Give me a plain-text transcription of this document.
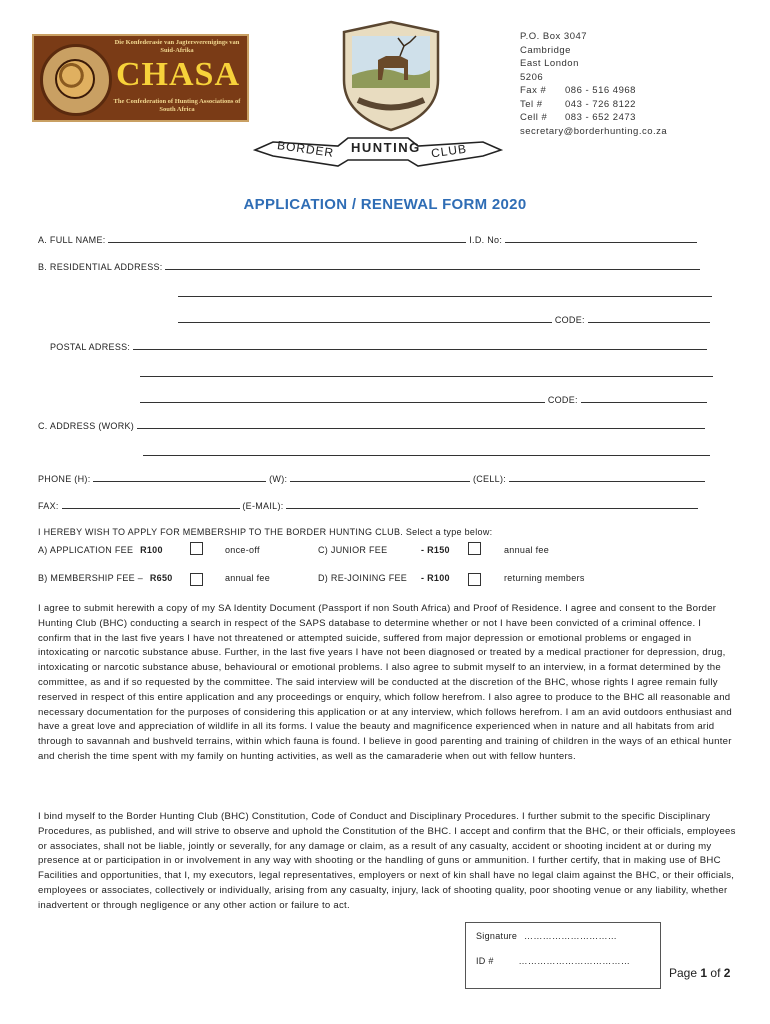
Die Konfederasie van Jagtersverenigings van Suid-Afrika
CHASA
The Confederation of Hunting Associations of South Africa
BORDER HUNTING CLUB
P.O. Box 3047
Cambridge
East London
5206
Fax # 086 - 516 4968
Tel # 043 - 726 8122
Cell # 083 - 652 2473
secretary@borderhunting.co.za
APPLICATION / RENEWAL FORM 2020
A. FULL NAME:	I.D. No:
B. RESIDENTIAL ADDRESS:
CODE:
POSTAL ADRESS:
CODE:
C. ADDRESS (WORK)
PHONE (H):	(W):	(CELL):
FAX:	(E-MAIL):
I HEREBY WISH TO APPLY FOR MEMBERSHIP TO THE BORDER HUNTING CLUB. Select a type below:
A) APPLICATION FEE R100	once-off	C) JUNIOR FEE	- R150	annual fee
B) MEMBERSHIP FEE – R650	annual fee	D) RE-JOINING FEE - R100	returning members
I agree to submit herewith a copy of my SA Identity Document (Passport if non South Africa) and Proof of Residence. I agree and consent to the Border Hunting Club (BHC) conducting a search in respect of the SAPS database to determine whether or not I have been convicted of a criminal offence. I confirm that in the last five years I have not threatened or attempted suicide, suffered from major depression or emotional problems or engaged in intoxicating or narcotic substance abuse. Further, in the last five years I have not been diagnosed or treated by a medical practioner for depression, drug, intoxicating or narcotic substance abuse, behavioural or emotional problems. I also agree to submit myself to an interview, in a format determined by the committee, as and if so requested by the committee. The said interview will be conducted at the discretion of the BHC, whose rights I agree remain fully reserved in respect of this entire application and any proceedings or enquiry, which follow herefrom. I also agree to produce to the BHC all reasonable and necessary documentation for the purposes of considering this application or at any interview, which follows herefrom. I am an avid outdoors enthusiast and have a great love and appreciation of wildlife in all its forms. I value the beauty and magnificence experienced when in nature and all habitats from arid through to savannah and bushveld terrains, within which fauna is found. I believe in good parenting and training of children in the ways of an ethical hunter and cherish the time spent with my family on hunting activities, as well as the camaraderie when out with fellow hunters.
I bind myself to the Border Hunting Club (BHC) Constitution, Code of Conduct and Disciplinary Procedures. I further submit to the specific Disciplinary Procedures, as published, and will strive to observe and uphold the Constitution of the BHC. I accept and confirm that the BHC, or their officials, employees or associates, shall not be liable, jointly or severally, for any damage or claim, as a result of any casualty, accident or shooting incident at or during my presence at or participation in or involvement in any way with shooting or the handling of guns or ammunition. I further certify, that in making use of BHC Facilities and opportunities, that I, my executors, legal representatives, employers or next of kin shall have no legal claim against the BHC, or their officials, employees or associates, collectively or individually, arising from any casualty, injury, lack of shooting quality, poor shooting venue or any liability, whether inadvertent or through negligence or any other action or failure to act.
Signature …………………………
ID #	………………………………
Page 1 of 2
